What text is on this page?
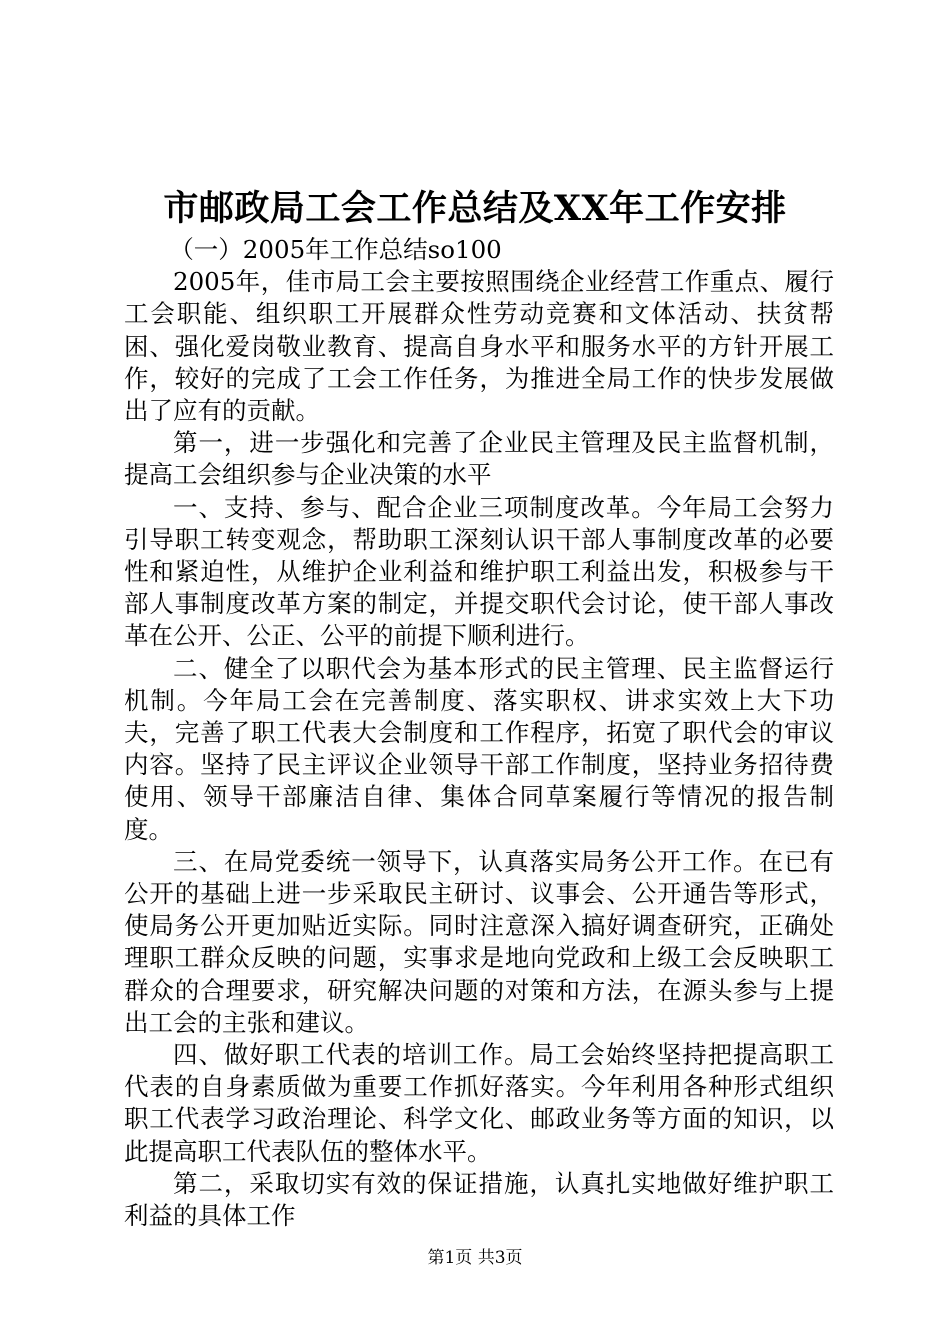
市邮政局工会工作总结及XX年工作安排

（一）2005年工作总结so100

2005年，佳市局工会主要按照围绕企业经营工作重点、履行工会职能、组织职工开展群众性劳动竞赛和文体活动、扶贫帮困、强化爱岗敬业教育、提高自身水平和服务水平的方针开展工作，较好的完成了工会工作任务，为推进全局工作的快步发展做出了应有的贡献。

第一，进一步强化和完善了企业民主管理及民主监督机制，提高工会组织参与企业决策的水平

一、支持、参与、配合企业三项制度改革。今年局工会努力引导职工转变观念，帮助职工深刻认识干部人事制度改革的必要性和紧迫性，从维护企业利益和维护职工利益出发，积极参与干部人事制度改革方案的制定，并提交职代会讨论，使干部人事改革在公开、公正、公平的前提下顺利进行。

二、健全了以职代会为基本形式的民主管理、民主监督运行机制。今年局工会在完善制度、落实职权、讲求实效上大下功夫，完善了职工代表大会制度和工作程序，拓宽了职代会的审议内容。坚持了民主评议企业领导干部工作制度，坚持业务招待费使用、领导干部廉洁自律、集体合同草案履行等情况的报告制度。

三、在局党委统一领导下，认真落实局务公开工作。在已有公开的基础上进一步采取民主研讨、议事会、公开通告等形式，使局务公开更加贴近实际。同时注意深入搞好调查研究，正确处理职工群众反映的问题，实事求是地向党政和上级工会反映职工群众的合理要求，研究解决问题的对策和方法，在源头参与上提出工会的主张和建议。

四、做好职工代表的培训工作。局工会始终坚持把提高职工代表的自身素质做为重要工作抓好落实。今年利用各种形式组织职工代表学习政治理论、科学文化、邮政业务等方面的知识，以此提高职工代表队伍的整体水平。

第二，采取切实有效的保证措施，认真扎实地做好维护职工利益的具体工作

第1页 共3页
